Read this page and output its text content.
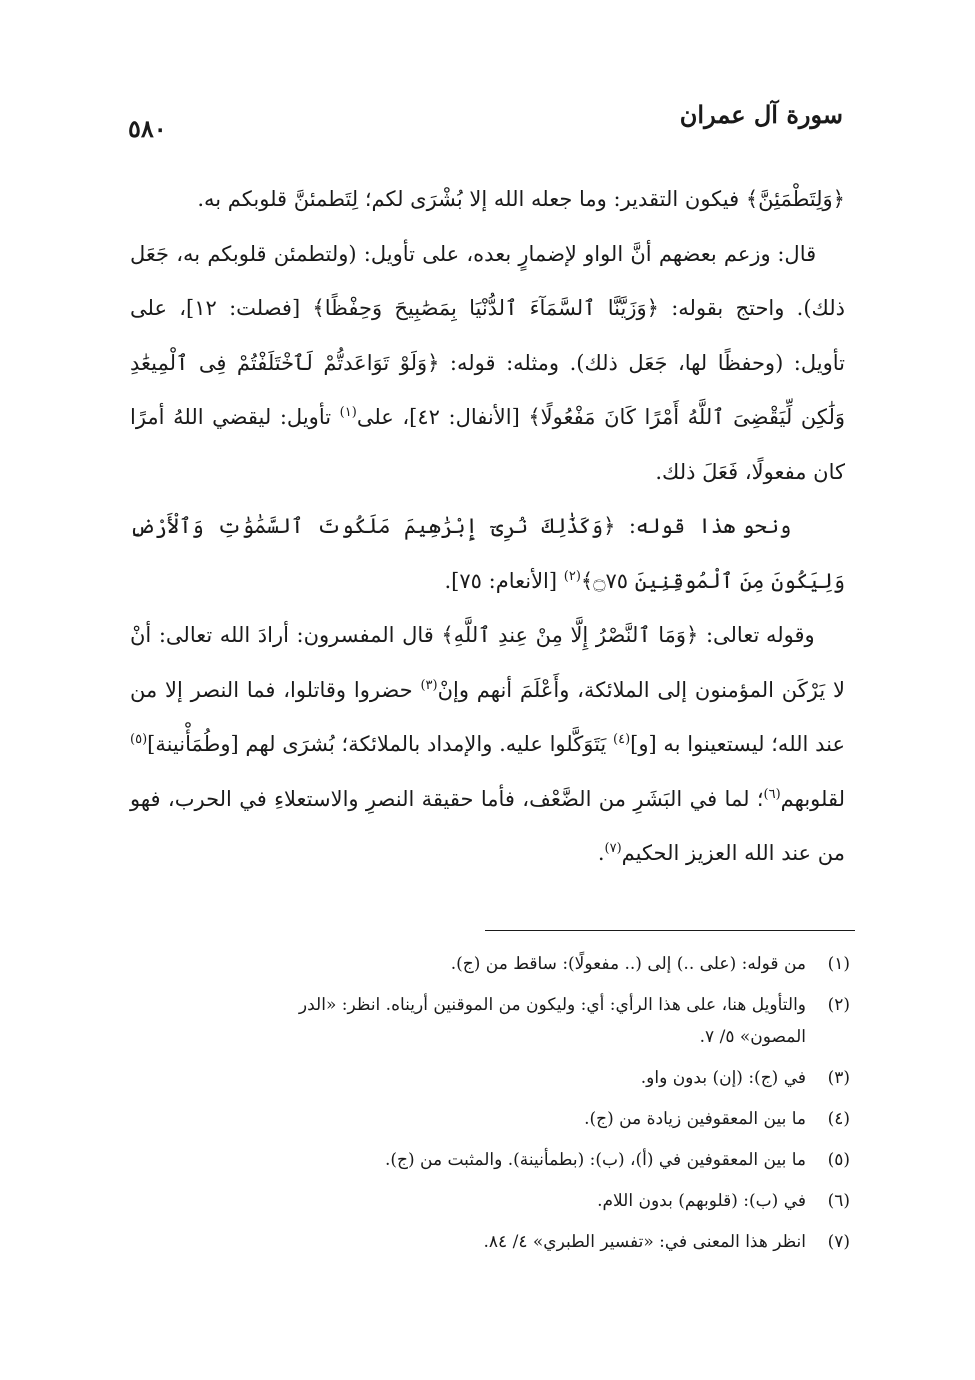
سورة آل عمران
٥٨٠

﴿وَلِتَطْمَئِنَّ﴾ فيكون التقدير: وما جعله الله إلا بُشْرَى لكم؛ لِتَطمئنَّ قلوبكم به.

قال: وزعم بعضهم أنَّ الواو لإضمارٍ بعده، على تأويل: (ولتطمئن قلوبكم به، جَعَل ذلك). واحتج بقوله: ﴿وَزَيَّنَّا ٱلسَّمَآءَ ٱلدُّنْيَا بِمَصَٰبِيحَ وَحِفْظًا﴾ [فصلت: ١٢]، على تأويل: (وحفظًا لها، جَعَل ذلك). ومثله: قوله: ﴿وَلَوْ تَوَاعَدتُّمْ لَٱخْتَلَفْتُمْ فِى ٱلْمِيعَٰدِ وَلَٰكِن لِّيَقْضِىَ ٱللَّهُ أَمْرًا كَانَ مَفْعُولًا﴾ [الأنفال: ٤٢]، على$^{(١)}$ تأويل: ليقضي اللهُ أمرًا كان مفعولًا، فَعَلَ ذلك.

ونحو هذا قوله: ﴿وَكَذَٰلِكَ نُرِىٓ إِبْرَٰهِيمَ مَلَكُوتَ ٱلسَّمَٰوَٰتِ وَٱلْأَرْضِ وَلِيَكُونَ مِنَ ٱلْمُوقِنِينَ ۝٧٥﴾$^{(٢)}$ [الأنعام: ٧٥].

وقوله تعالى: ﴿وَمَا ٱلنَّصْرُ إِلَّا مِنْ عِندِ ٱللَّهِ﴾ قال المفسرون: أرادَ الله تعالى: أنْ لا يَرْكَن المؤمنون إلى الملائكة، وأَعْلَمَ أنهم وإنْ$^{(٣)}$ حضروا وقاتلوا، فما النصر إلا من عند الله؛ ليستعينوا به [و]$^{(٤)}$ يَتَوَكَّلوا عليه. والإمداد بالملائكة؛ بُشرَى لهم [وطُمَأْنينة]$^{(٥)}$ لقلوبهم$^{(٦)}$؛ لما في البَشَرِ من الضَّعْف، فأما حقيقة النصرِ والاستعلاءِ في الحرب، فهو من عند الله العزيز الحكيم$^{(٧)}$.

(١)
من قوله: (على ..) إلى (.. مفعولًا): ساقط من (ج).
(٢)
والتأويل هنا، على هذا الرأي: أي: وليكون من الموقنين أريناه. انظر: «الدر

المصون» ٥/ ٧.

(٣)
في (ج): (إن) بدون واو.
(٤)
ما بين المعقوفين زيادة من (ج).
(٥)
ما بين المعقوفين في (أ)، (ب): (بطمأنينة). والمثبت من (ج).
(٦)
في (ب): (قلوبهم) بدون اللام.
(٧)
انظر هذا المعنى في: «تفسير الطبري» ٤/ ٨٤.
